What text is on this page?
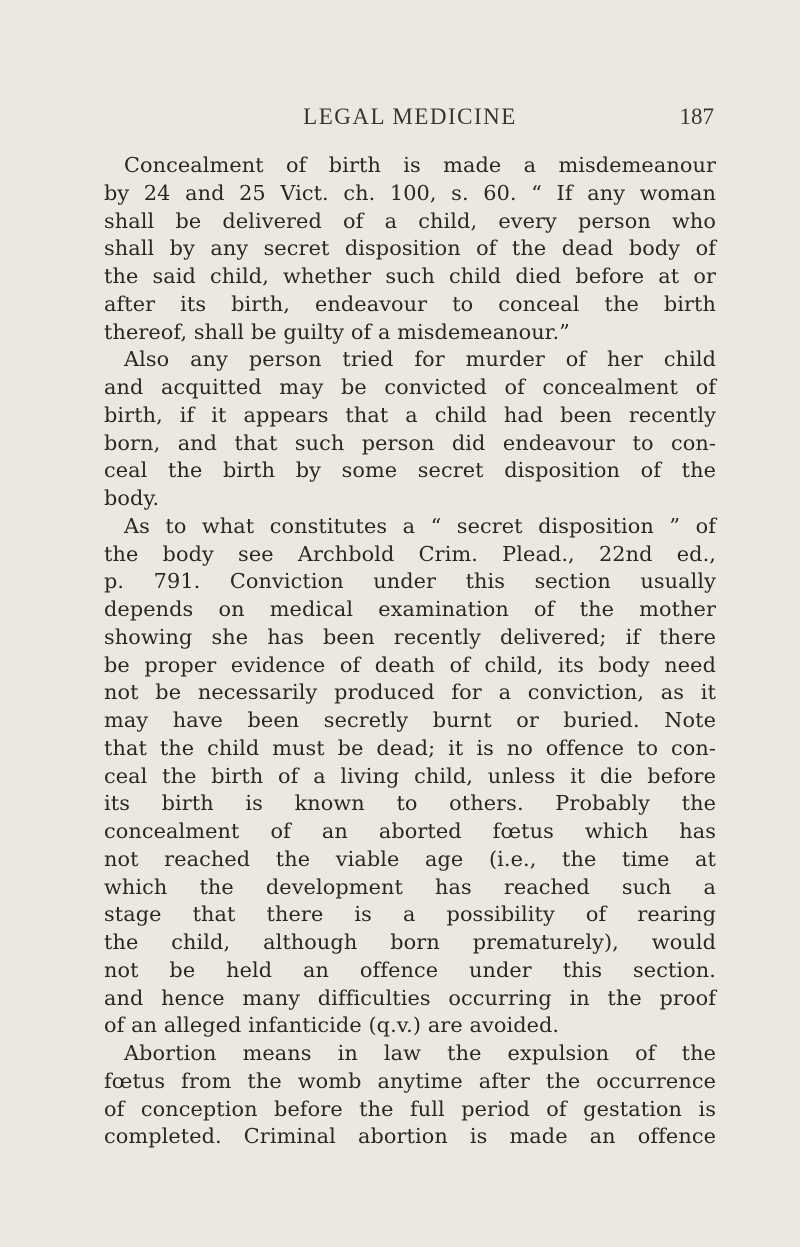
LEGAL MEDICINE	187
Concealment of birth is made a misdemeanour
by 24 and 25 Vict. ch. 100, s. 60. “ If any woman
shall be delivered of a child, every person who
shall by any secret disposition of the dead body of
the said child, whether such child died before at or
after its birth, endeavour to conceal the birth
thereof, shall be guilty of a misdemeanour.”
Also any person tried for murder of her child
and acquitted may be convicted of concealment of
birth, if it appears that a child had been recently
born, and that such person did endeavour to con-
ceal the birth by some secret disposition of the
body.
As to what constitutes a “ secret disposition ” of
the body see Archbold Crim. Plead., 22nd ed.,
p. 791. Conviction under this section usually
depends on medical examination of the mother
showing she has been recently delivered; if there
be proper evidence of death of child, its body need
not be necessarily produced for a conviction, as it
may have been secretly burnt or buried. Note
that the child must be dead; it is no offence to con-
ceal the birth of a living child, unless it die before
its birth is known to others. Probably the
concealment of an aborted fœtus which has
not reached the viable age (i.e., the time at
which the development has reached such a
stage that there is a possibility of rearing
the child, although born prematurely), would
not be held an offence under this section.
and hence many difficulties occurring in the proof
of an alleged infanticide (q.v.) are avoided.
Abortion means in law the expulsion of the
fœtus from the womb anytime after the occurrence
of conception before the full period of gestation is
completed. Criminal abortion is made an offence
